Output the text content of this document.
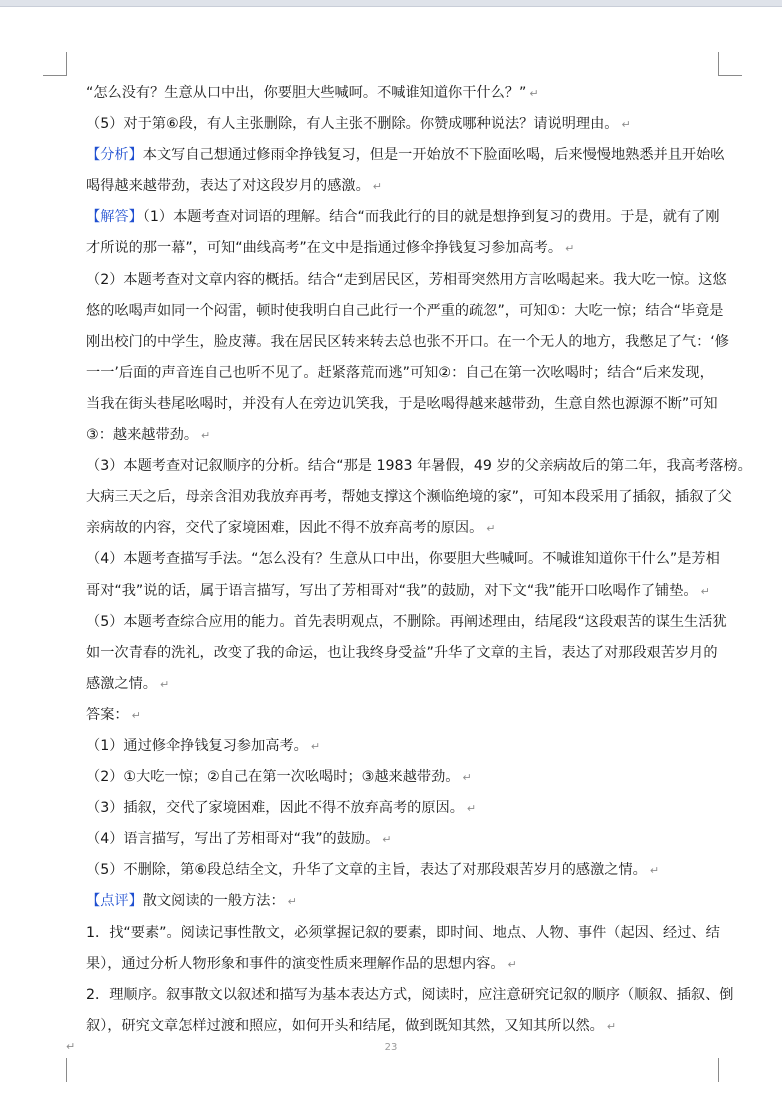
“怎么没有？生意从口中出，你要胆大些喊呵。不喊谁知道你干什么？” ↵
（5）对于第⑥段，有人主张删除，有人主张不删除。你赞成哪种说法？请说明理由。 ↵
【分析】本文写自己想通过修雨伞挣钱复习，但是一开始放不下脸面吆喝，后来慢慢地熟悉并且开始吆
喝得越来越带劲，表达了对这段岁月的感激。 ↵
【解答】（1）本题考查对词语的理解。结合“而我此行的目的就是想挣到复习的费用。于是，就有了刚
才所说的那一幕”，可知“曲线高考”在文中是指通过修伞挣钱复习参加高考。 ↵
（2）本题考查对文章内容的概括。结合“走到居民区，芳相哥突然用方言吆喝起来。我大吃一惊。这悠
悠的吆喝声如同一个闷雷，顿时使我明白自己此行一个严重的疏忽”，可知①：大吃一惊；结合“毕竟是
刚出校门的中学生，脸皮薄。我在居民区转来转去总也张不开口。在一个无人的地方，我憋足了气：‘修
一一’后面的声音连自己也听不见了。赶紧落荒而逃”可知②：自己在第一次吆喝时；结合“后来发现，
当我在街头巷尾吆喝时，并没有人在旁边讥笑我，于是吆喝得越来越带劲，生意自然也源源不断”可知
③：越来越带劲。 ↵
（3）本题考查对记叙顺序的分析。结合“那是 1983 年暑假，49 岁的父亲病故后的第二年，我高考落榜。
大病三天之后，母亲含泪劝我放弃再考，帮她支撑这个濒临绝境的家”，可知本段采用了插叙，插叙了父
亲病故的内容，交代了家境困难，因此不得不放弃高考的原因。 ↵
（4）本题考查描写手法。“怎么没有？生意从口中出，你要胆大些喊呵。不喊谁知道你干什么”是芳相
哥对“我”说的话，属于语言描写，写出了芳相哥对“我”的鼓励，对下文“我”能开口吆喝作了铺垫。 ↵
（5）本题考查综合应用的能力。首先表明观点，不删除。再阐述理由，结尾段“这段艰苦的谋生生活犹
如一次青春的洗礼，改变了我的命运，也让我终身受益”升华了文章的主旨，表达了对那段艰苦岁月的
感激之情。 ↵
答案： ↵
（1）通过修伞挣钱复习参加高考。 ↵
（2）①大吃一惊；②自己在第一次吆喝时；③越来越带劲。 ↵
（3）插叙，交代了家境困难，因此不得不放弃高考的原因。 ↵
（4）语言描写，写出了芳相哥对“我”的鼓励。 ↵
（5）不删除，第⑥段总结全文，升华了文章的主旨，表达了对那段艰苦岁月的感激之情。 ↵
【点评】散文阅读的一般方法： ↵
1．找“要素”。阅读记事性散文，必须掌握记叙的要素，即时间、地点、人物、事件（起因、经过、结
果），通过分析人物形象和事件的演变性质来理解作品的思想内容。 ↵
2．理顺序。叙事散文以叙述和描写为基本表达方式，阅读时，应注意研究记叙的顺序（顺叙、插叙、倒
叙），研究文章怎样过渡和照应，如何开头和结尾，做到既知其然，又知其所以然。 ↵
↵	23
